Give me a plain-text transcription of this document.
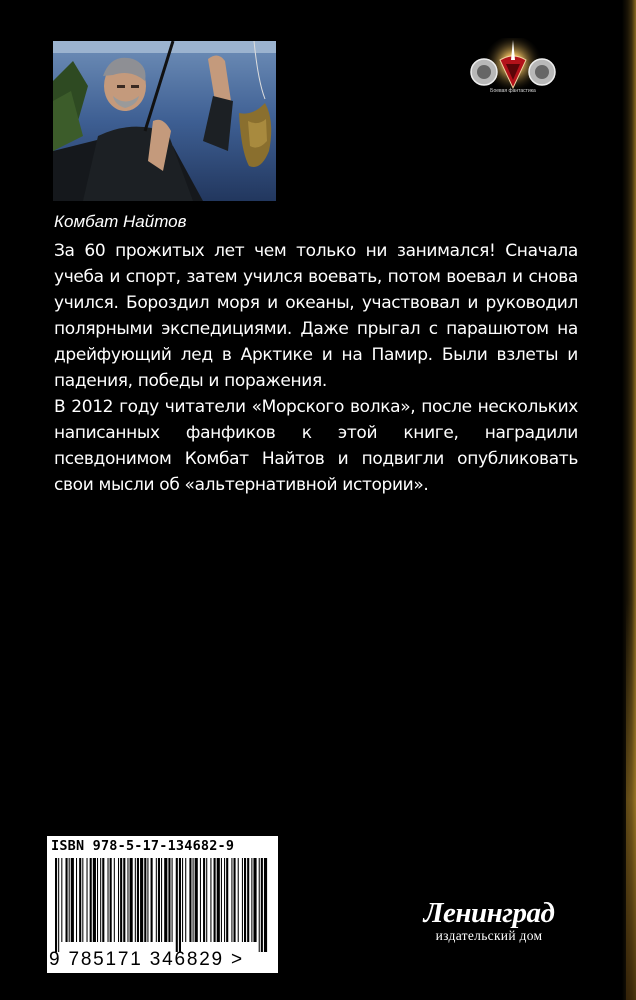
Боевая фантастика
Комбат Найтов

За 60 прожитых лет чем только ни занимался! Сначала учеба и спорт, затем учился воевать, потом воевал и снова учился. Бороздил моря и океаны, участвовал и руководил полярными экспедициями. Даже прыгал с парашютом на дрейфующий лед в Арктике и на Памир. Были взлеты и падения, победы и поражения.

В 2012 году читатели «Морского волка», после нескольких написанных фанфиков к этой книге, наградили псевдонимом Комбат Найтов и подвигли опубликовать свои мысли об «альтернативной истории».

ISBN 978-5-17-134682-9
9 785171 346829 >
Ленинград
издательский дом
